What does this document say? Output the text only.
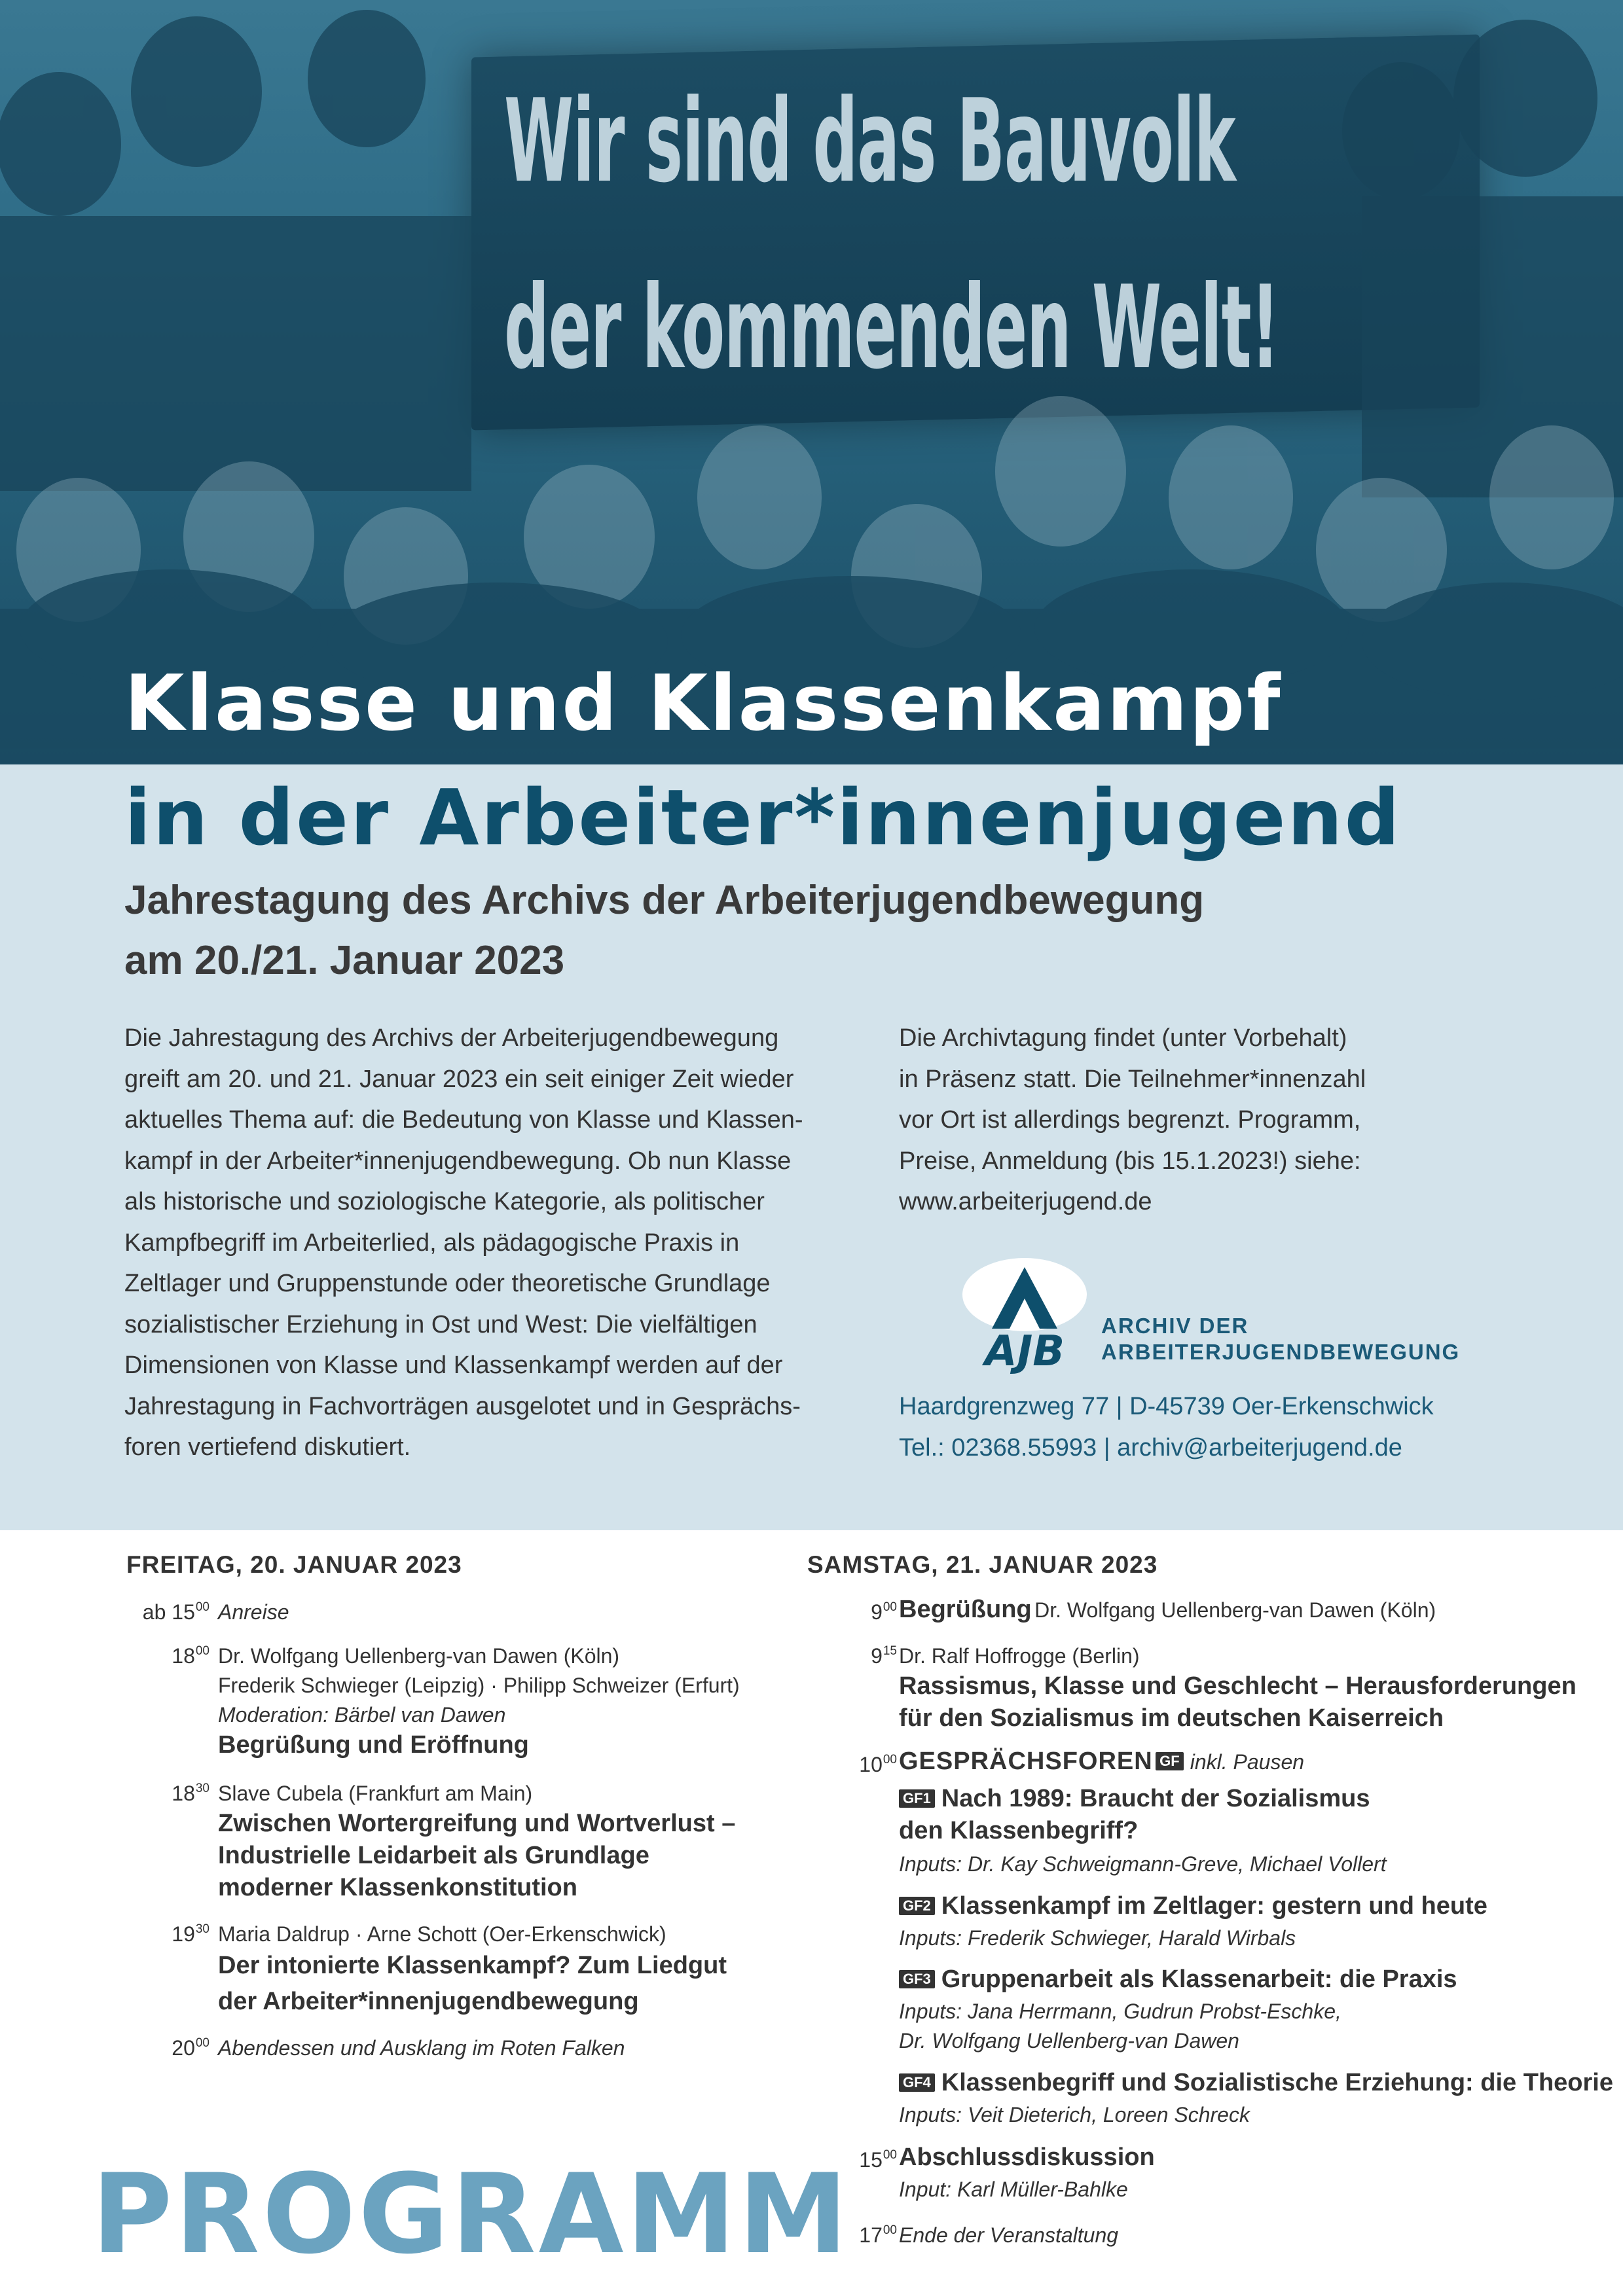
Wir sind das Bauvolk
der kommenden Welt!
Klasse und Klassenkampf
in der Arbeiter*innenjugend
Jahrestagung des Archivs der Arbeiterjugendbewegung
am 20./21. Januar 2023
Die Jahrestagung des Archivs der Arbeiterjugendbewegung
greift am 20. und 21. Januar 2023 ein seit einiger Zeit wieder
aktuelles Thema auf: die Bedeutung von Klasse und Klassen-
kampf in der Arbeiter*innenjugendbewegung. Ob nun Klasse
als historische und soziologische Kategorie, als politischer
Kampfbegriff im Arbeiterlied, als pädagogische Praxis in
Zeltlager und Gruppenstunde oder theoretische Grundlage
sozialistischer Erziehung in Ost und West: Die vielfältigen
Dimensionen von Klasse und Klassenkampf werden auf der
Jahrestagung in Fachvorträgen ausgelotet und in Gesprächs-
foren vertiefend diskutiert.
Die Archivtagung findet (unter Vorbehalt)
in Präsenz statt. Die Teilnehmer*innenzahl
vor Ort ist allerdings begrenzt. Programm,
Preise, Anmeldung (bis 15.1.2023!) siehe:
www.arbeiterjugend.de
AJB
ARCHIV DER
ARBEITERJUGENDBEWEGUNG
Haardgrenzweg 77 | D-45739 Oer-Erkenschwick
Tel.: 02368.55993 | archiv@arbeiterjugend.de
FREITAG, 20. JANUAR 2023
ab $15^{00}$ Anreise
$18^{00}$ Dr. Wolfgang Uellenberg-van Dawen (Köln)
Frederik Schwieger (Leipzig) · Philipp Schweizer (Erfurt)
Moderation: Bärbel van Dawen
Begrüßung und Eröffnung
$18^{30}$ Slave Cubela (Frankfurt am Main)
Zwischen Wortergreifung und Wortverlust –
Industrielle Leidarbeit als Grundlage
moderner Klassenkonstitution
$19^{30}$ Maria Daldrup · Arne Schott (Oer-Erkenschwick)
Der intonierte Klassenkampf? Zum Liedgut
der Arbeiter*innenjugendbewegung
$20^{00}$ Abendessen und Ausklang im Roten Falken
SAMSTAG, 21. JANUAR 2023
$9^{00}$ Begrüßung Dr. Wolfgang Uellenberg-van Dawen (Köln)
$9^{15}$ Dr. Ralf Hoffrogge (Berlin)
Rassismus, Klasse und Geschlecht – Herausforderungen
für den Sozialismus im deutschen Kaiserreich
$10^{00}$ GESPRÄCHSFOREN GF inkl. Pausen
GF1 Nach 1989: Braucht der Sozialismus
den Klassenbegriff?
Inputs: Dr. Kay Schweigmann-Greve, Michael Vollert
GF2 Klassenkampf im Zeltlager: gestern und heute
Inputs: Frederik Schwieger, Harald Wirbals
GF3 Gruppenarbeit als Klassenarbeit: die Praxis
Inputs: Jana Herrmann, Gudrun Probst-Eschke,
Dr. Wolfgang Uellenberg-van Dawen
GF4 Klassenbegriff und Sozialistische Erziehung: die Theorie
Inputs: Veit Dieterich, Loreen Schreck
$15^{00}$ Abschlussdiskussion
Input: Karl Müller-Bahlke
$17^{00}$ Ende der Veranstaltung
PROGRAMM
